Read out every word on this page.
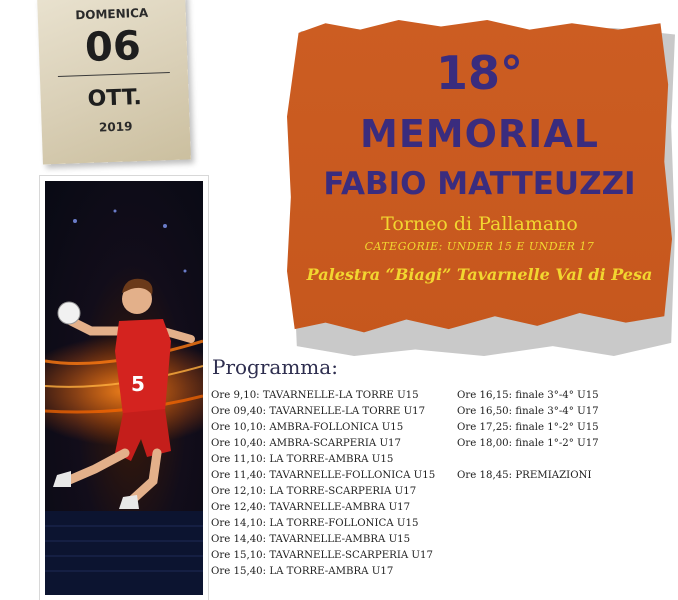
DOMENICA
06
OTT.
2019
18°
MEMORIAL
FABIO MATTEUZZI
Torneo di Pallamano
CATEGORIE: UNDER 15 E UNDER 17
Palestra “Biagi” Tavarnelle Val di Pesa
5
Programma:
Ore 9,10: TAVARNELLE-LA TORRE U15
Ore 09,40: TAVARNELLE-LA TORRE U17
Ore 10,10: AMBRA-FOLLONICA U15
Ore 10,40: AMBRA-SCARPERIA U17
Ore 11,10: LA TORRE-AMBRA U15
Ore 11,40: TAVARNELLE-FOLLONICA U15
Ore 12,10: LA TORRE-SCARPERIA U17
Ore 12,40: TAVARNELLE-AMBRA U17
Ore 14,10: LA TORRE-FOLLONICA U15
Ore 14,40: TAVARNELLE-AMBRA U15
Ore 15,10: TAVARNELLE-SCARPERIA U17
Ore 15,40: LA TORRE-AMBRA U17
Ore 16,15: finale 3°-4° U15
Ore 16,50: finale 3°-4° U17
Ore 17,25: finale 1°-2° U15
Ore 18,00: finale 1°-2° U17
Ore 18,45: PREMIAZIONI
